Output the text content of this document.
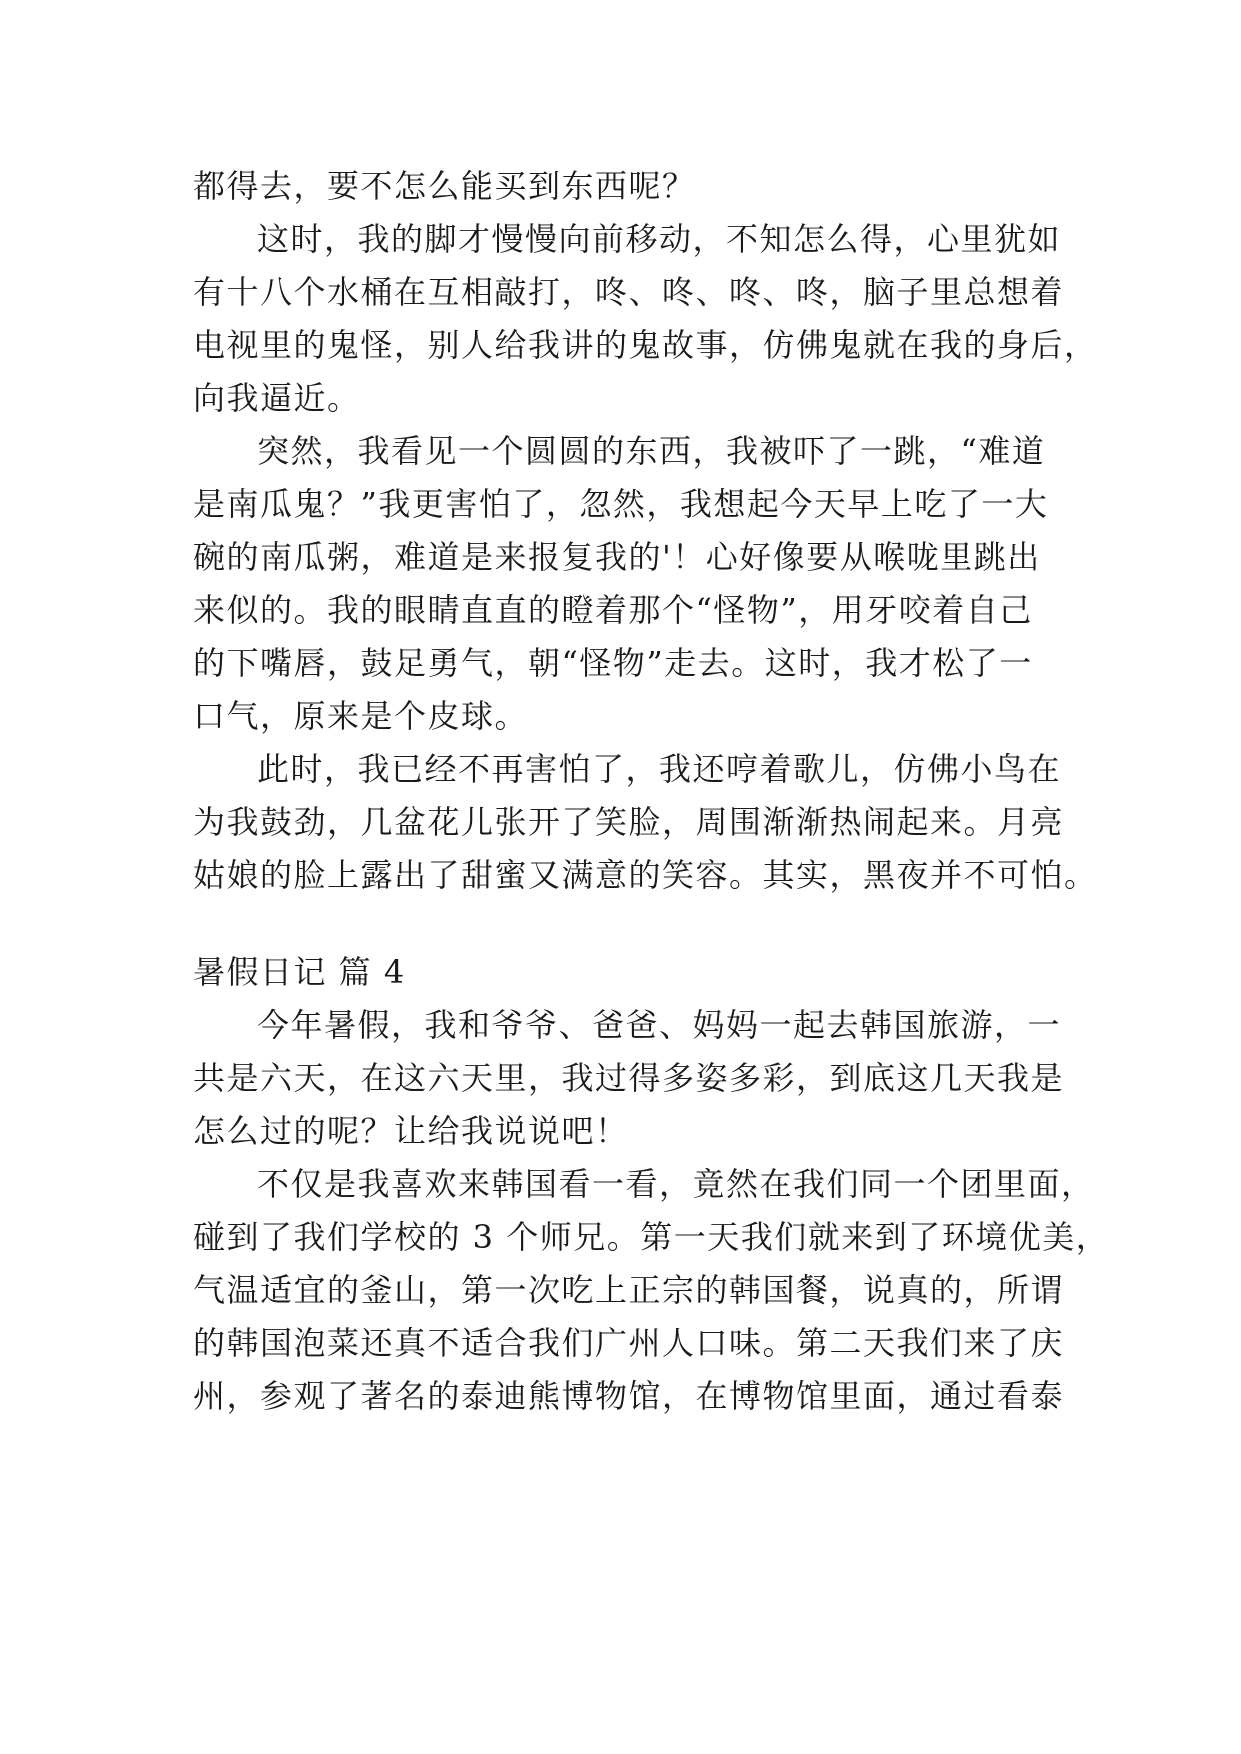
都得去，要不怎么能买到东西呢？
这时，我的脚才慢慢向前移动，不知怎么得，心里犹如
有十八个水桶在互相敲打，咚、咚、咚、咚，脑子里总想着
电视里的鬼怪，别人给我讲的鬼故事，仿佛鬼就在我的身后，
向我逼近。
突然，我看见一个圆圆的东西，我被吓了一跳，“难道
是南瓜鬼？”我更害怕了，忽然，我想起今天早上吃了一大
碗的南瓜粥，难道是来报复我的'！心好像要从喉咙里跳出
来似的。我的眼睛直直的瞪着那个“怪物”，用牙咬着自己
的下嘴唇，鼓足勇气，朝“怪物”走去。这时，我才松了一
口气，原来是个皮球。
此时，我已经不再害怕了，我还哼着歌儿，仿佛小鸟在
为我鼓劲，几盆花儿张开了笑脸，周围渐渐热闹起来。月亮
姑娘的脸上露出了甜蜜又满意的笑容。其实，黑夜并不可怕。
暑假日记 篇 4
今年暑假，我和爷爷、爸爸、妈妈一起去韩国旅游，一
共是六天，在这六天里，我过得多姿多彩，到底这几天我是
怎么过的呢？让给我说说吧！
不仅是我喜欢来韩国看一看，竟然在我们同一个团里面，
碰到了我们学校的 3 个师兄。第一天我们就来到了环境优美，
气温适宜的釜山，第一次吃上正宗的韩国餐，说真的，所谓
的韩国泡菜还真不适合我们广州人口味。第二天我们来了庆
州，参观了著名的泰迪熊博物馆，在博物馆里面，通过看泰
